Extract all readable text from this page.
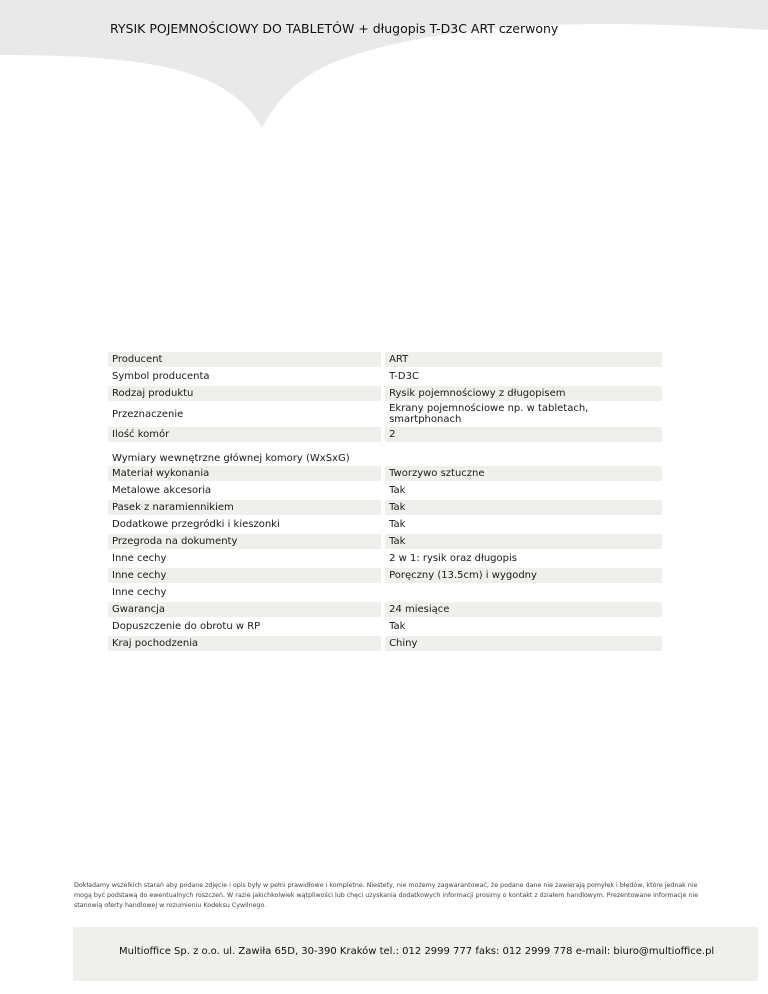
RYSIK POJEMNOŚCIOWY DO TABLETÓW + długopis T-D3C ART czerwony
Producent		ART
Symbol producenta		T-D3C
Rodzaj produktu		Rysik pojemnościowy z długopisem
Przeznaczenie		Ekrany pojemnościowe np. w tabletach, smartphonach
Ilość komór		2
Wymiary wewnętrzne głównej komory (WxSxG)		
Materiał wykonania		Tworzywo sztuczne
Metalowe akcesoria		Tak
Pasek z naramiennikiem		Tak
Dodatkowe przegródki i kieszonki		Tak
Przegroda na dokumenty		Tak
Inne cechy		2 w 1: rysik oraz długopis
Inne cechy		Poręczny (13.5cm) i wygodny
Inne cechy		
Gwarancja		24 miesiące
Dopuszczenie do obrotu w RP		Tak
Kraj pochodzenia		Chiny
Dokładamy wszelkich starań aby podane zdjęcie i opis były w pełni prawidłowe i kompletne. Niestety, nie możemy zagwarantować, że podane dane nie zawierają pomyłek i błędów, które jednak nie mogą być podstawą do ewentualnych roszczeń. W razie jakichkolwiek wątpliwości lub chęci uzyskania dodatkowych informacji prosimy o kontakt z działem handlowym. Prezentowane informacje nie stanowią oferty handlowej w rozumieniu Kodeksu Cywilnego.
Multioffice Sp. z o.o. ul. Zawiła 65D, 30-390 Kraków tel.: 012 2999 777 faks: 012 2999 778 e-mail: biuro@multioffice.pl
